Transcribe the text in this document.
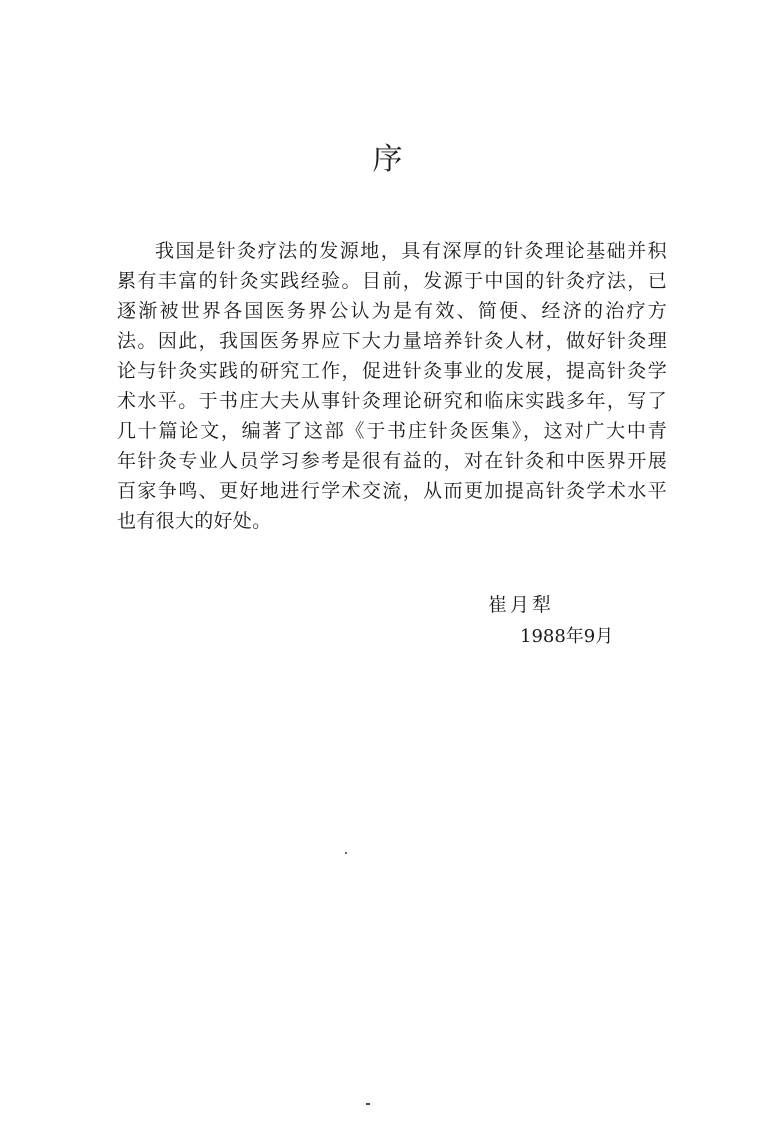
序
我国是针灸疗法的发源地，具有深厚的针灸理论基础并积
累有丰富的针灸实践经验。目前，发源于中国的针灸疗法，已
逐渐被世界各国医务界公认为是有效、简便、经济的治疗方
法。因此，我国医务界应下大力量培养针灸人材，做好针灸理
论与针灸实践的研究工作，促进针灸事业的发展，提高针灸学
术水平。于书庄大夫从事针灸理论研究和临床实践多年，写了
几十篇论文，编著了这部《于书庄针灸医集》，这对广大中青
年针灸专业人员学习参考是很有益的，对在针灸和中医界开展
百家争鸣、更好地进行学术交流，从而更加提高针灸学术水平
也有很大的好处。
崔月犁
1988年9月
